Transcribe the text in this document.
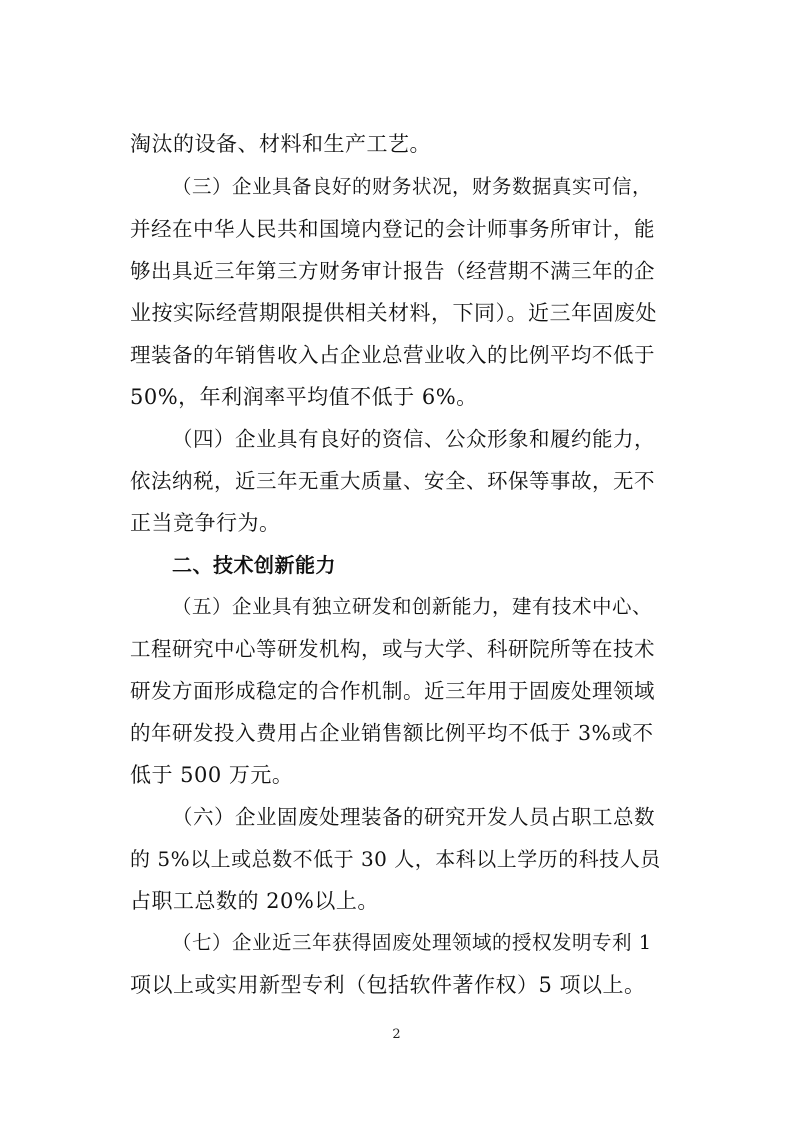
淘汰的设备、材料和生产工艺。
（三）企业具备良好的财务状况，财务数据真实可信，
并经在中华人民共和国境内登记的会计师事务所审计，能
够出具近三年第三方财务审计报告（经营期不满三年的企
业按实际经营期限提供相关材料，下同）。近三年固废处
理装备的年销售收入占企业总营业收入的比例平均不低于
50%，年利润率平均值不低于 6%。
（四）企业具有良好的资信、公众形象和履约能力，
依法纳税，近三年无重大质量、安全、环保等事故，无不
正当竞争行为。
二、技术创新能力
（五）企业具有独立研发和创新能力，建有技术中心、
工程研究中心等研发机构，或与大学、科研院所等在技术
研发方面形成稳定的合作机制。近三年用于固废处理领域
的年研发投入费用占企业销售额比例平均不低于 3%或不
低于 500 万元。
（六）企业固废处理装备的研究开发人员占职工总数
的 5%以上或总数不低于 30 人，本科以上学历的科技人员
占职工总数的 20%以上。
（七）企业近三年获得固废处理领域的授权发明专利 1
项以上或实用新型专利（包括软件著作权）5 项以上。
2
